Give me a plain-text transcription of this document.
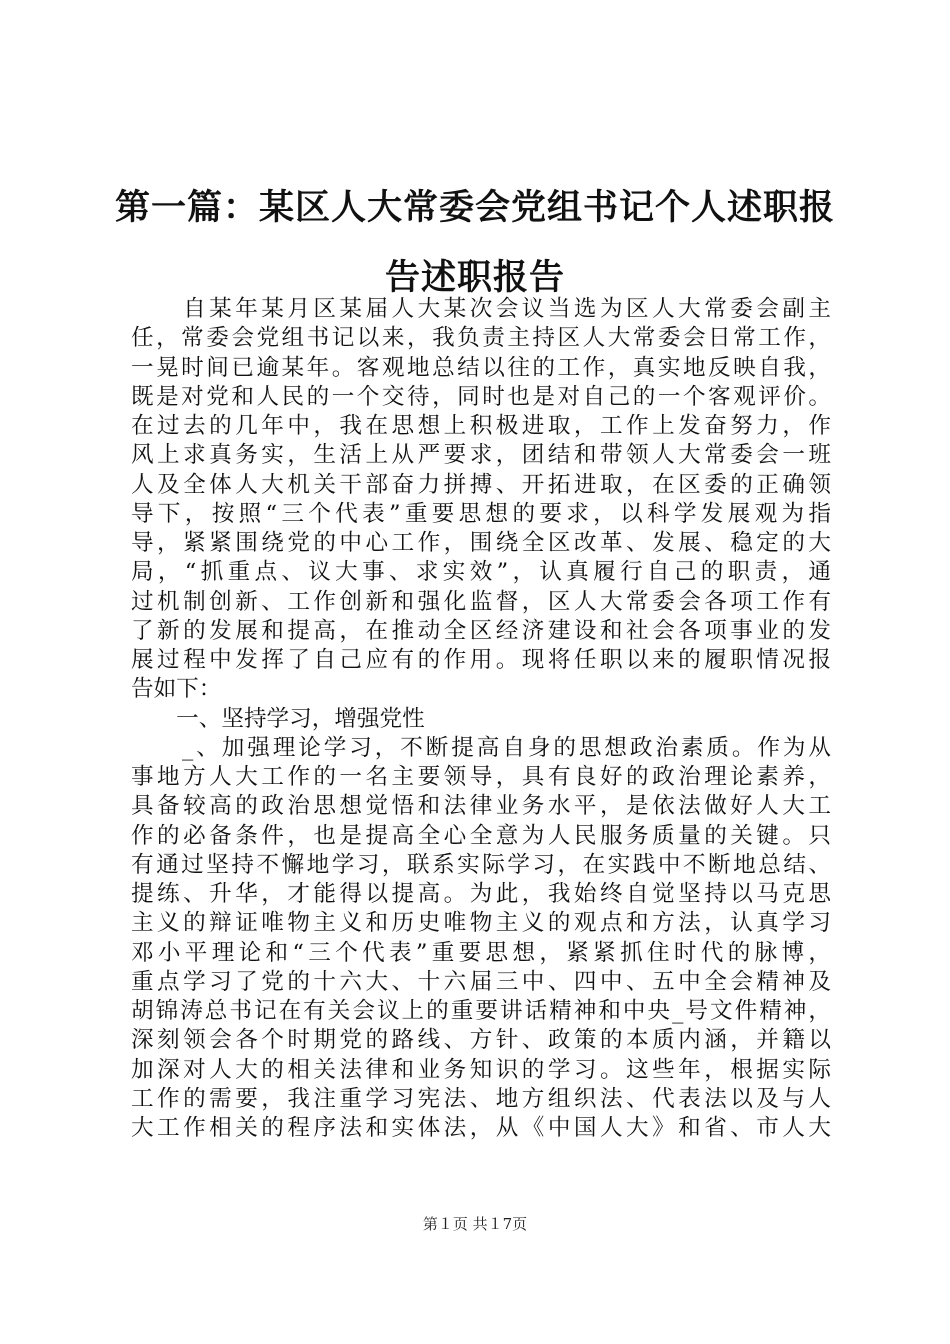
第一篇：某区人大常委会党组书记个人述职报
告述职报告
　　自某年某月区某届人大某次会议当选为区人大常委会副主
任，常委会党组书记以来，我负责主持区人大常委会日常工作，
一晃时间已逾某年。客观地总结以往的工作，真实地反映自我，
既是对党和人民的一个交待，同时也是对自己的一个客观评价。
在过去的几年中，我在思想上积极进取，工作上发奋努力，作
风上求真务实，生活上从严要求，团结和带领人大常委会一班
人及全体人大机关干部奋力拼搏、开拓进取，在区委的正确领
导下，按照“三个代表”重要思想的要求，以科学发展观为指
导，紧紧围绕党的中心工作，围绕全区改革、发展、稳定的大
局，“抓重点、议大事、求实效”，认真履行自己的职责，通
过机制创新、工作创新和强化监督，区人大常委会各项工作有
了新的发展和提高，在推动全区经济建设和社会各项事业的发
展过程中发挥了自己应有的作用。现将任职以来的履职情况报
告如下：
　　一、坚持学习，增强党性
　　_、加强理论学习，不断提高自身的思想政治素质。作为从
事地方人大工作的一名主要领导，具有良好的政治理论素养，
具备较高的政治思想觉悟和法律业务水平，是依法做好人大工
作的必备条件，也是提高全心全意为人民服务质量的关键。只
有通过坚持不懈地学习，联系实际学习，在实践中不断地总结、
提练、升华，才能得以提高。为此，我始终自觉坚持以马克思
主义的辩证唯物主义和历史唯物主义的观点和方法，认真学习
邓小平理论和“三个代表”重要思想，紧紧抓住时代的脉博，
重点学习了党的十六大、十六届三中、四中、五中全会精神及
胡锦涛总书记在有关会议上的重要讲话精神和中央_号文件精神，
深刻领会各个时期党的路线、方针、政策的本质内涵，并籍以
加深对人大的相关法律和业务知识的学习。这些年，根据实际
工作的需要，我注重学习宪法、地方组织法、代表法以及与人
大工作相关的程序法和实体法，从《中国人大》和省、市人大
第１页 共１7页
